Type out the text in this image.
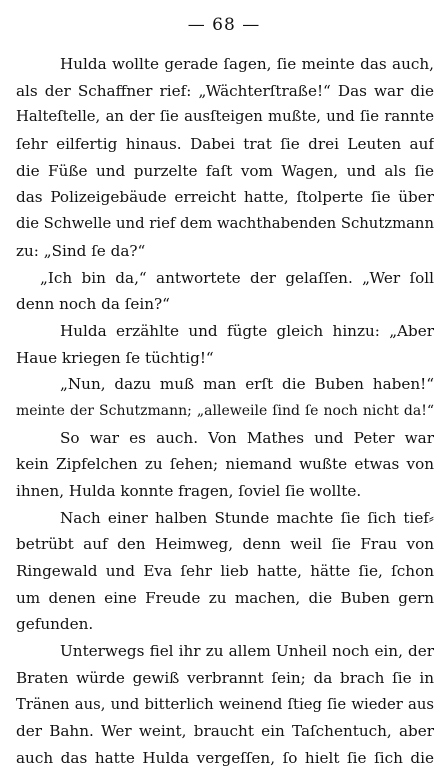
— 68 —
Hulda wollte gerade ſagen, ſie meinte das auch,
als der Schaffner rief: „Wächterſtraße!“ Das war die
Halteſtelle, an der ſie ausſteigen mußte, und ſie rannte
ſehr eilfertig hinaus. Dabei trat ſie drei Leuten auf
die Füße und purzelte faſt vom Wagen, und als ſie
das Polizeigebäude erreicht hatte, ſtolperte ſie über
die Schwelle und rief dem wachthabenden Schutzmann
zu: „Sind ſe da?“
„Ich bin da,“ antwortete der gelaſſen. „Wer ſoll
denn noch da ſein?“
Hulda erzählte und fügte gleich hinzu: „Aber
Haue kriegen ſe tüchtig!“
„Nun, dazu muß man erſt die Buben haben!“
meinte der Schutzmann; „alleweile ſind ſe noch nicht da!“
So war es auch. Von Mathes und Peter war
kein Zipfelchen zu ſehen; niemand wußte etwas von
ihnen, Hulda konnte fragen, ſoviel ſie wollte.
Nach einer halben Stunde machte ſie ſich tief⸗
betrübt auf den Heimweg, denn weil ſie Frau von
Ringewald und Eva ſehr lieb hatte, hätte ſie, ſchon
um denen eine Freude zu machen, die Buben gern
gefunden.
Unterwegs fiel ihr zu allem Unheil noch ein, der
Braten würde gewiß verbrannt ſein; da brach ſie in
Tränen aus, und bitterlich weinend ſtieg ſie wieder aus
der Bahn. Wer weint, braucht ein Taſchentuch, aber
auch das hatte Hulda vergeſſen, ſo hielt ſie ſich die
